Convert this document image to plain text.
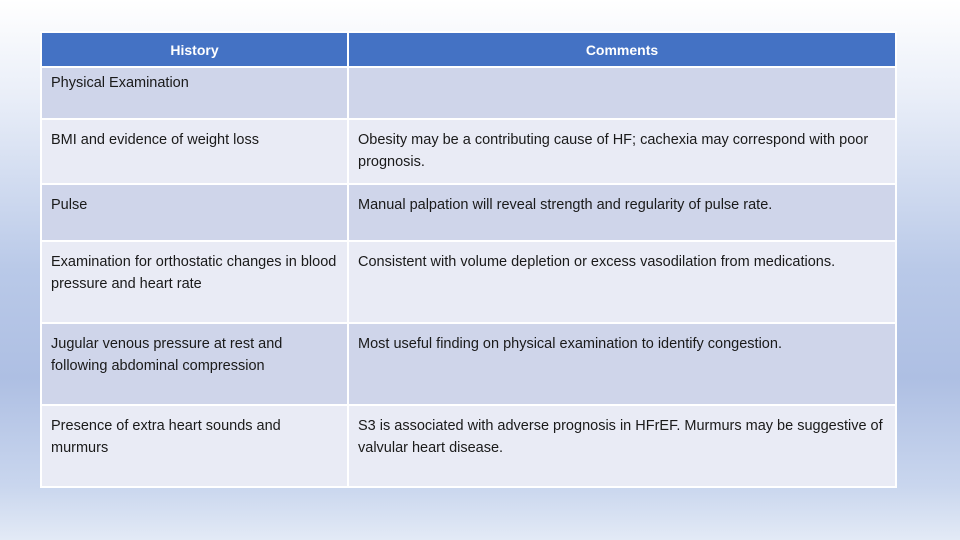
History	Comments
Physical Examination	
BMI and evidence of weight loss	Obesity may be a contributing cause of HF; cachexia may correspond with poor prognosis.
Pulse	Manual palpation will reveal strength and regularity of pulse rate.
Examination for orthostatic changes in blood pressure and heart rate	Consistent with volume depletion or excess vasodilation from medications.
Jugular venous pressure at rest and following abdominal compression	Most useful finding on physical examination to identify congestion.
Presence of extra heart sounds and murmurs	S3 is associated with adverse prognosis in HFrEF. Murmurs may be suggestive of valvular heart disease.
